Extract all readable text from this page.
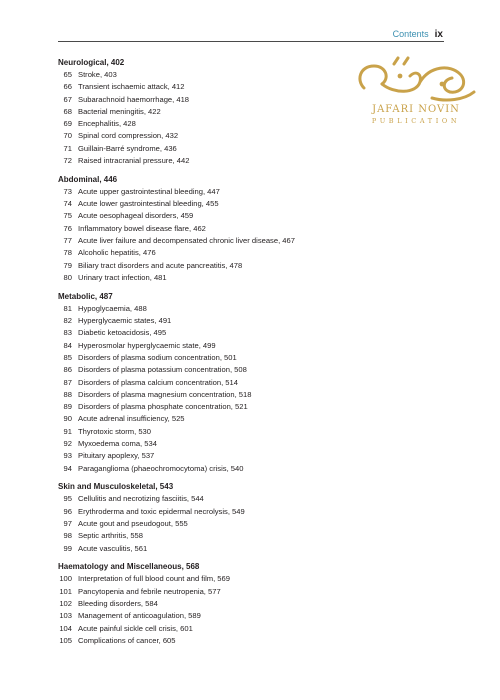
Contents ix
JAFARI NOVIN
PUBLICATION
Neurological, 402
65 Stroke, 403
66 Transient ischaemic attack, 412
67 Subarachnoid haemorrhage, 418
68 Bacterial meningitis, 422
69 Encephalitis, 428
70 Spinal cord compression, 432
71 Guillain-Barré syndrome, 436
72 Raised intracranial pressure, 442
Abdominal, 446
73 Acute upper gastrointestinal bleeding, 447
74 Acute lower gastrointestinal bleeding, 455
75 Acute oesophageal disorders, 459
76 Inflammatory bowel disease flare, 462
77 Acute liver failure and decompensated chronic liver disease, 467
78 Alcoholic hepatitis, 476
79 Biliary tract disorders and acute pancreatitis, 478
80 Urinary tract infection, 481
Metabolic, 487
81 Hypoglycaemia, 488
82 Hyperglycaemic states, 491
83 Diabetic ketoacidosis, 495
84 Hyperosmolar hyperglycaemic state, 499
85 Disorders of plasma sodium concentration, 501
86 Disorders of plasma potassium concentration, 508
87 Disorders of plasma calcium concentration, 514
88 Disorders of plasma magnesium concentration, 518
89 Disorders of plasma phosphate concentration, 521
90 Acute adrenal insufficiency, 525
91 Thyrotoxic storm, 530
92 Myxoedema coma, 534
93 Pituitary apoplexy, 537
94 Paraganglioma (phaeochromocytoma) crisis, 540
Skin and Musculoskeletal, 543
95 Cellulitis and necrotizing fasciitis, 544
96 Erythroderma and toxic epidermal necrolysis, 549
97 Acute gout and pseudogout, 555
98 Septic arthritis, 558
99 Acute vasculitis, 561
Haematology and Miscellaneous, 568
100 Interpretation of full blood count and film, 569
101 Pancytopenia and febrile neutropenia, 577
102 Bleeding disorders, 584
103 Management of anticoagulation, 589
104 Acute painful sickle cell crisis, 601
105 Complications of cancer, 605
